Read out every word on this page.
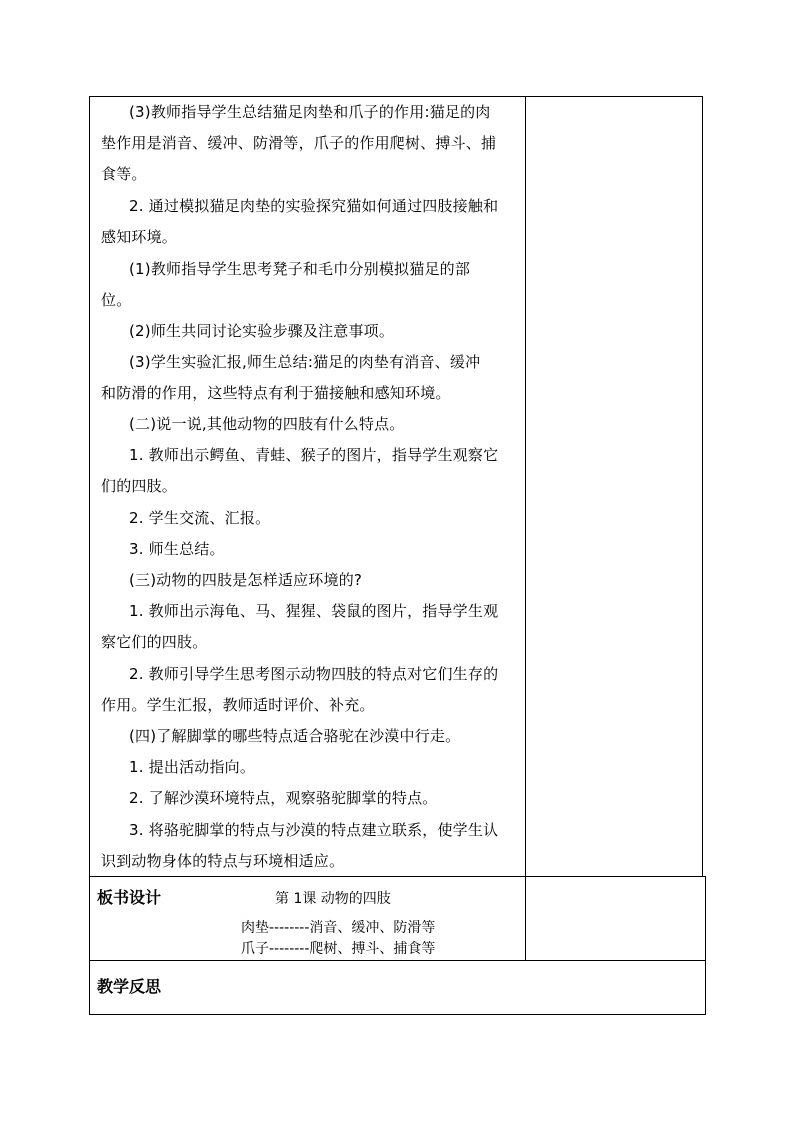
(3)教师指导学生总结猫足肉垫和爪子的作用:猫足的肉
垫作用是消音、缓冲、防滑等，爪子的作用爬树、搏斗、捕
食等。
2. 通过模拟猫足肉垫的实验探究猫如何通过四肢接触和
感知环境。
(1)教师指导学生思考凳子和毛巾分别模拟猫足的部
位。
(2)师生共同讨论实验步骤及注意事项。
(3)学生实验汇报,师生总结:猫足的肉垫有消音、缓冲
和防滑的作用，这些特点有利于猫接触和感知环境。
(二)说一说,其他动物的四肢有什么特点。
1. 教师出示鳄鱼、青蛙、猴子的图片，指导学生观察它
们的四肢。
2. 学生交流、汇报。
3. 师生总结。
(三)动物的四肢是怎样适应环境的?
1. 教师出示海龟、马、猩猩、袋鼠的图片，指导学生观
察它们的四肢。
2. 教师引导学生思考图示动物四肢的特点对它们生存的
作用。学生汇报，教师适时评价、补充。
(四)了解脚掌的哪些特点适合骆驼在沙漠中行走。
1. 提出活动指向。
2. 了解沙漠环境特点，观察骆驼脚掌的特点。
3. 将骆驼脚掌的特点与沙漠的特点建立联系，使学生认
识到动物身体的特点与环境相适应。
板书设计	第 1课 动物的四肢
肉垫--------消音、缓冲、防滑等
爪子--------爬树、搏斗、捕食等
教学反思
